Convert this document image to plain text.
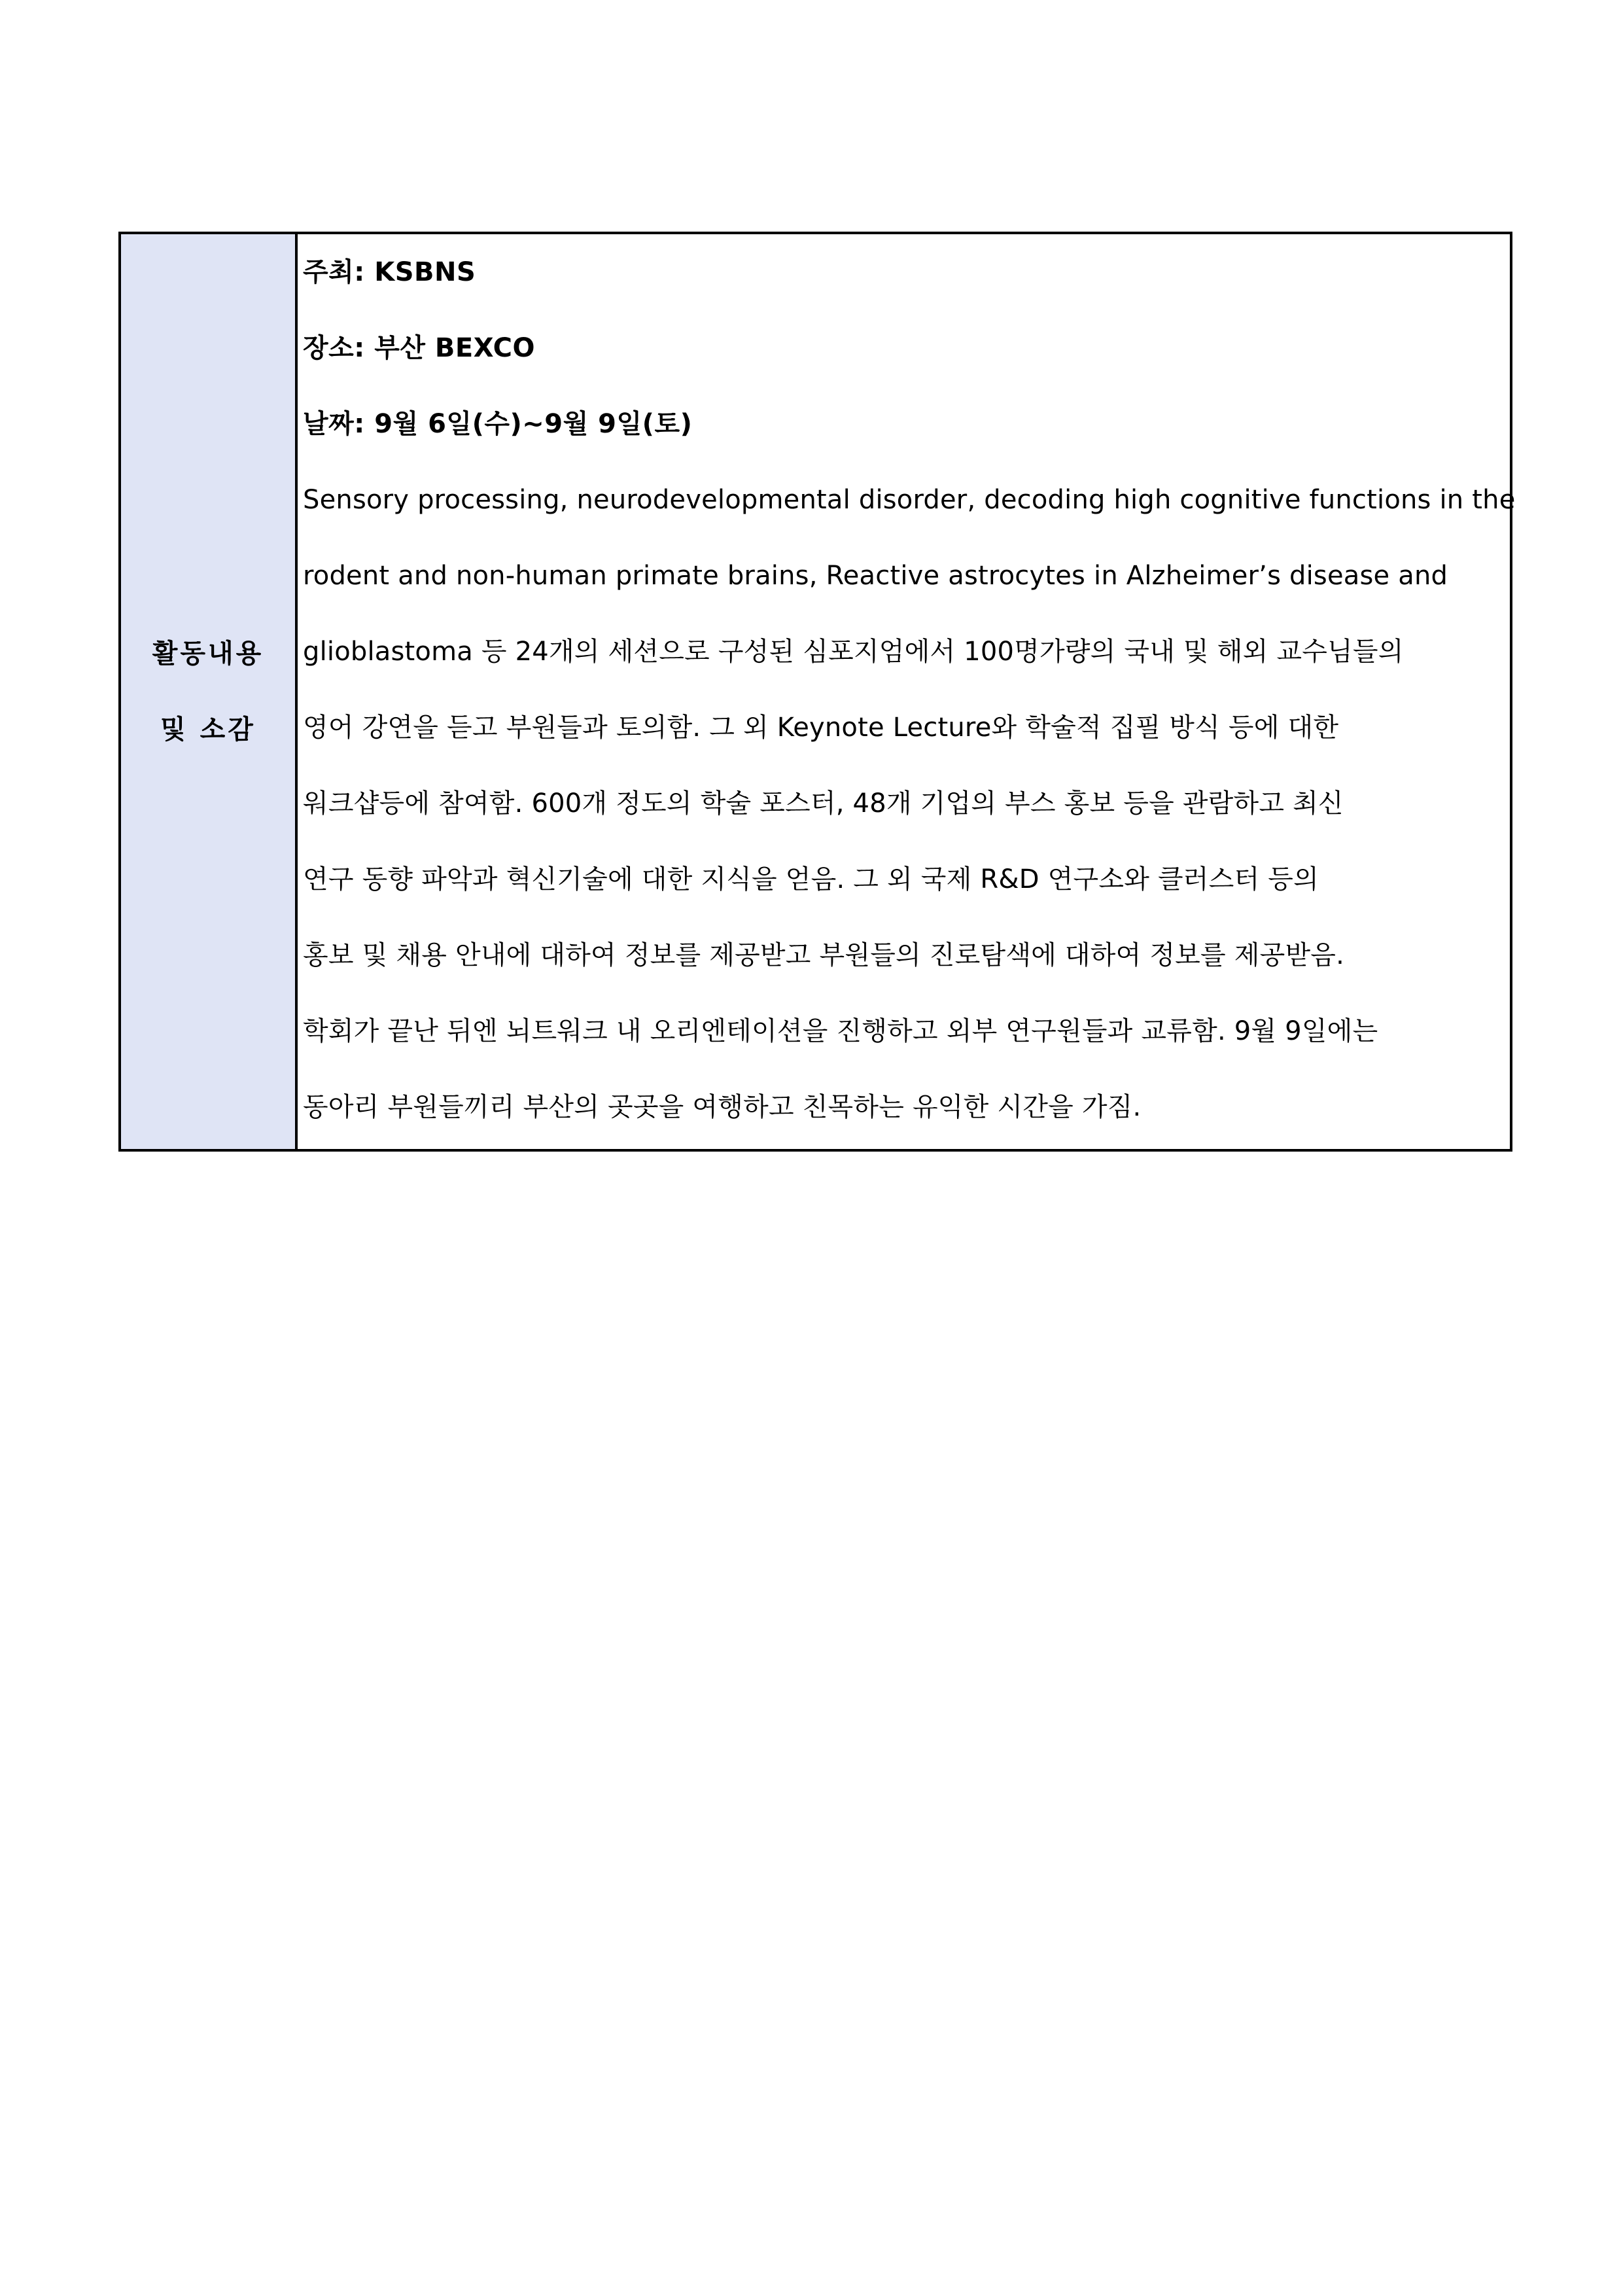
활동내용
및 소감
주최: KSBNS
장소: 부산 BEXCO
날짜: 9월 6일(수)~9월 9일(토)
Sensory processing, neurodevelopmental disorder, decoding high cognitive functions in the
rodent and non-human primate brains, Reactive astrocytes in Alzheimer’s disease and
glioblastoma 등 24개의 세션으로 구성된 심포지엄에서 100명가량의 국내 및 해외 교수님들의
영어 강연을 듣고 부원들과 토의함. 그 외 Keynote Lecture와 학술적 집필 방식 등에 대한
워크샵등에 참여함. 600개 정도의 학술 포스터, 48개 기업의 부스 홍보 등을 관람하고 최신
연구 동향 파악과 혁신기술에 대한 지식을 얻음. 그 외 국제 R&D 연구소와 클러스터 등의
홍보 및 채용 안내에 대하여 정보를 제공받고 부원들의 진로탐색에 대하여 정보를 제공받음.
학회가 끝난 뒤엔 뇌트워크 내 오리엔테이션을 진행하고 외부 연구원들과 교류함. 9월 9일에는
동아리 부원들끼리 부산의 곳곳을 여행하고 친목하는 유익한 시간을 가짐.
